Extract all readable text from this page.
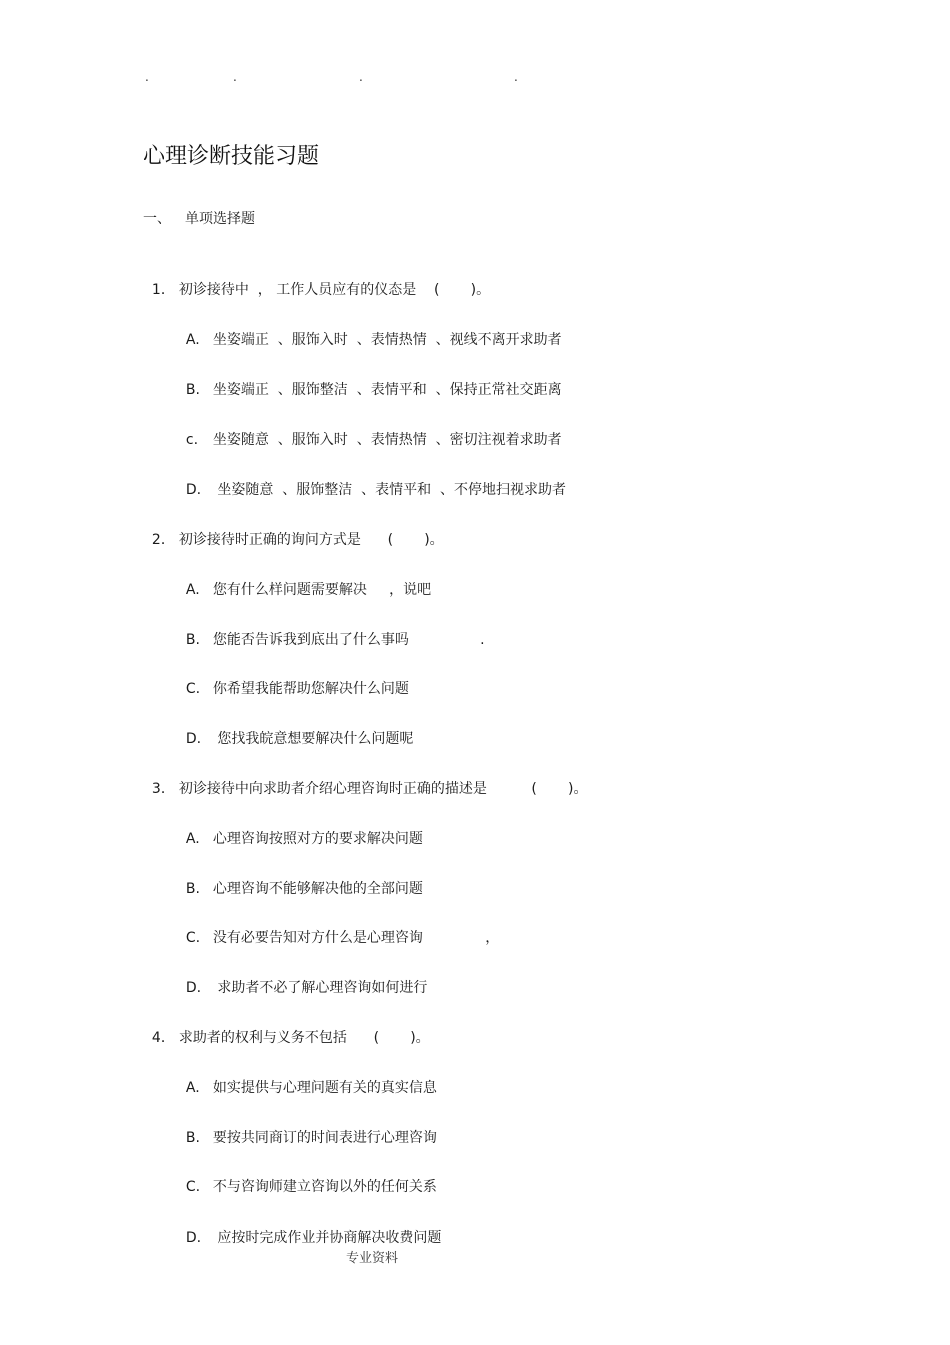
.	.	.	.
心理诊断技能习题
一、 单项选择题

1． 初诊接待中  ， 工作人员应有的仪态是    (       )。

A. 坐姿端正  、服饰入时  、表情热情  、视线不离开求助者

B. 坐姿端正  、服饰整洁  、表情平和  、保持正常社交距离

c. 坐姿随意  、服饰入时  、表情热情  、密切注视着求助者

D. 坐姿随意  、服饰整洁  、表情平和  、不停地扫视求助者

2． 初诊接待时正确的询问方式是      (       )。

A. 您有什么样问题需要解决     ，说吧

B. 您能否告诉我到底出了什么事吗                .

C. 你希望我能帮助您解决什么问题

D. 您找我皖意想要解决什么问题呢

3． 初诊接待中向求助者介绍心理咨询时正确的描述是          (       )。

A. 心理咨询按照对方的要求解决问题

B. 心理咨询不能够解决他的全部问题

C. 没有必要告知对方什么是心理咨询              ，

D. 求助者不必了解心理咨询如何进行

4． 求助者的权利与义务不包括      (       )。

A. 如实提供与心理问题有关的真实信息

B. 要按共同商订的时间表进行心理咨询

C. 不与咨询师建立咨询以外的任何关系

D. 应按时完成作业并协商解决收费问题

专业资料
